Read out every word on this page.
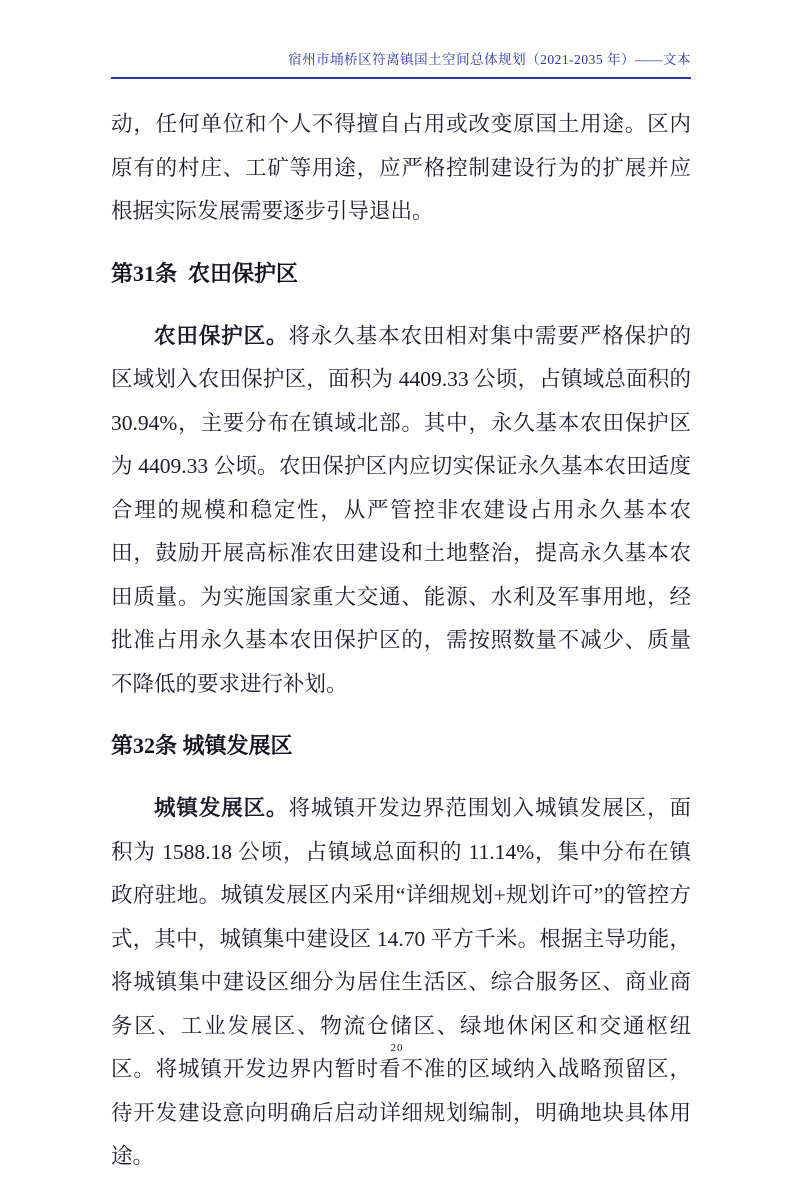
宿州市埇桥区符离镇国土空间总体规划（2021-2035 年）——文本

动，任何单位和个人不得擅自占用或改变原国土用途。区内原有的村庄、工矿等用途，应严格控制建设行为的扩展并应根据实际发展需要逐步引导退出。

第31条  农田保护区

农田保护区。将永久基本农田相对集中需要严格保护的区域划入农田保护区，面积为 4409.33 公顷，占镇域总面积的 30.94%，主要分布在镇域北部。其中，永久基本农田保护区为 4409.33 公顷。农田保护区内应切实保证永久基本农田适度合理的规模和稳定性，从严管控非农建设占用永久基本农田，鼓励开展高标准农田建设和土地整治，提高永久基本农田质量。为实施国家重大交通、能源、水利及军事用地，经批准占用永久基本农田保护区的，需按照数量不减少、质量不降低的要求进行补划。

第32条 城镇发展区

城镇发展区。将城镇开发边界范围划入城镇发展区，面积为 1588.18 公顷，占镇域总面积的 11.14%，集中分布在镇政府驻地。城镇发展区内采用“详细规划+规划许可”的管控方式，其中，城镇集中建设区 14.70 平方千米。根据主导功能，将城镇集中建设区细分为居住生活区、综合服务区、商业商务区、工业发展区、物流仓储区、绿地休闲区和交通枢纽区。将城镇开发边界内暂时看不准的区域纳入战略预留区，待开发建设意向明确后启动详细规划编制，明确地块具体用途。

20
